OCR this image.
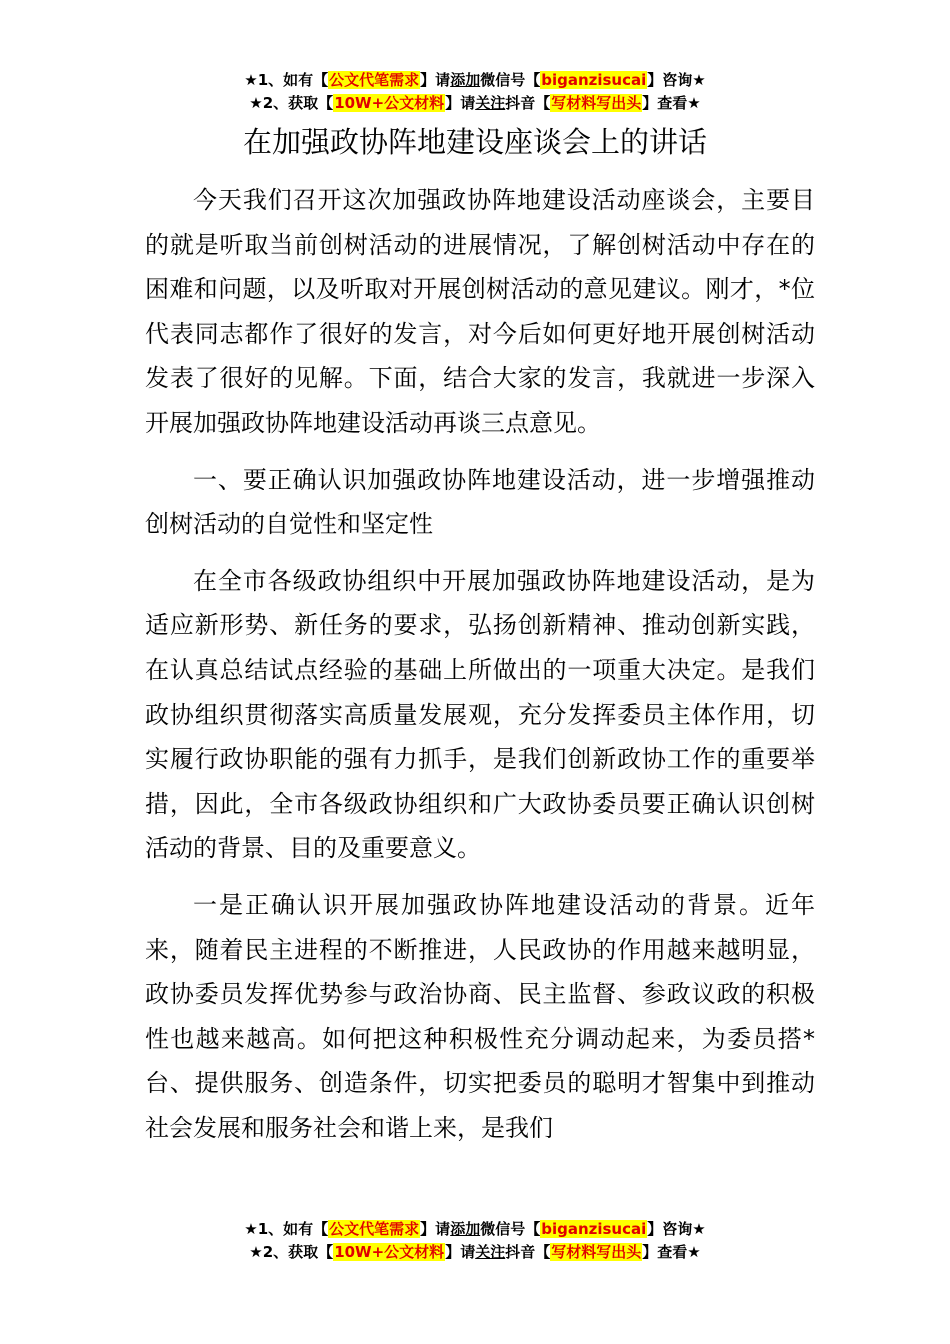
★1、如有【公文代笔需求】请添加微信号【biganzisucai】咨询★
★2、获取【10W+公文材料】请关注抖音【写材料写出头】查看★
在加强政协阵地建设座谈会上的讲话

今天我们召开这次加强政协阵地建设活动座谈会，主要目的就是听取当前创树活动的进展情况，了解创树活动中存在的困难和问题，以及听取对开展创树活动的意见建议。刚才，*位代表同志都作了很好的发言，对今后如何更好地开展创树活动发表了很好的见解。下面，结合大家的发言，我就进一步深入开展加强政协阵地建设活动再谈三点意见。

一、要正确认识加强政协阵地建设活动，进一步增强推动创树活动的自觉性和坚定性

在全市各级政协组织中开展加强政协阵地建设活动，是为适应新形势、新任务的要求，弘扬创新精神、推动创新实践，在认真总结试点经验的基础上所做出的一项重大决定。是我们政协组织贯彻落实高质量发展观，充分发挥委员主体作用，切实履行政协职能的强有力抓手，是我们创新政协工作的重要举措，因此，全市各级政协组织和广大政协委员要正确认识创树活动的背景、目的及重要意义。

一是正确认识开展加强政协阵地建设活动的背景。近年来，随着民主进程的不断推进，人民政协的作用越来越明显，政协委员发挥优势参与政治协商、民主监督、参政议政的积极性也越来越高。如何把这种积极性充分调动起来，为委员搭*台、提供服务、创造条件，切实把委员的聪明才智集中到推动社会发展和服务社会和谐上来，是我们

★1、如有【公文代笔需求】请添加微信号【biganzisucai】咨询★
★2、获取【10W+公文材料】请关注抖音【写材料写出头】查看★
